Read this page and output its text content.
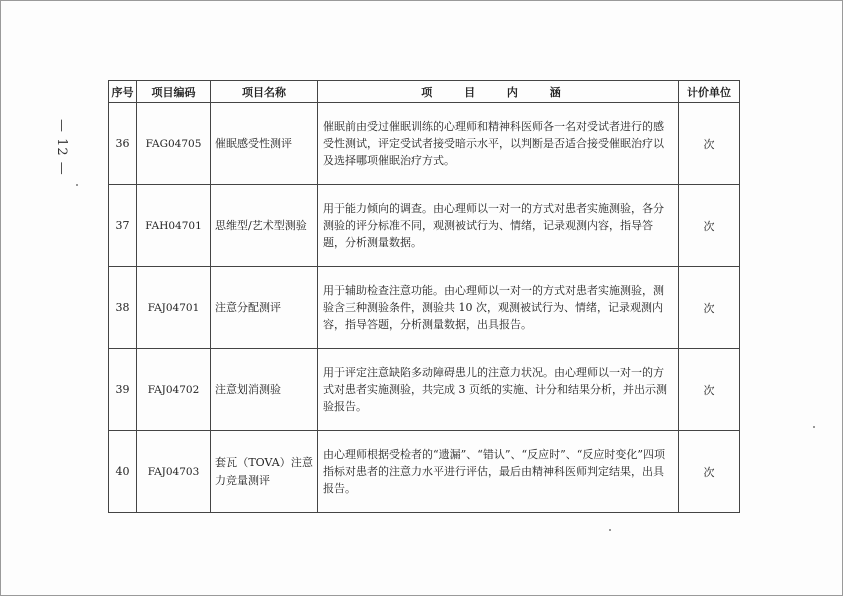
— 12 —
序号	项目编码	项目名称	项 目 内 涵	计价单位
36	FAG04705	催眠感受性测评	催眠前由受过催眠训练的心理师和精神科医师各一名对受试者进行的感受性测试，评定受试者接受暗示水平，以判断是否适合接受催眠治疗以及选择哪项催眠治疗方式。	次
37	FAH04701	思维型/艺术型测验	用于能力倾向的调查。由心理师以一对一的方式对患者实施测验，各分测验的评分标准不同，观测被试行为、情绪，记录观测内容，指导答题，分析测量数据。	次
38	FAJ04701	注意分配测评	用于辅助检查注意功能。由心理师以一对一的方式对患者实施测验，测验含三种测验条件，测验共 10 次，观测被试行为、情绪，记录观测内容，指导答题，分析测量数据，出具报告。	次
39	FAJ04702	注意划消测验	用于评定注意缺陷多动障碍患儿的注意力状况。由心理师以一对一的方式对患者实施测验，共完成 3 页纸的实施、计分和结果分析，并出示测验报告。	次
40	FAJ04703	套瓦（TOVA）注意力竞量测评	由心理师根据受检者的“遗漏”、“错认”、“反应时”、“反应时变化”四项指标对患者的注意力水平进行评估，最后由精神科医师判定结果，出具报告。	次
